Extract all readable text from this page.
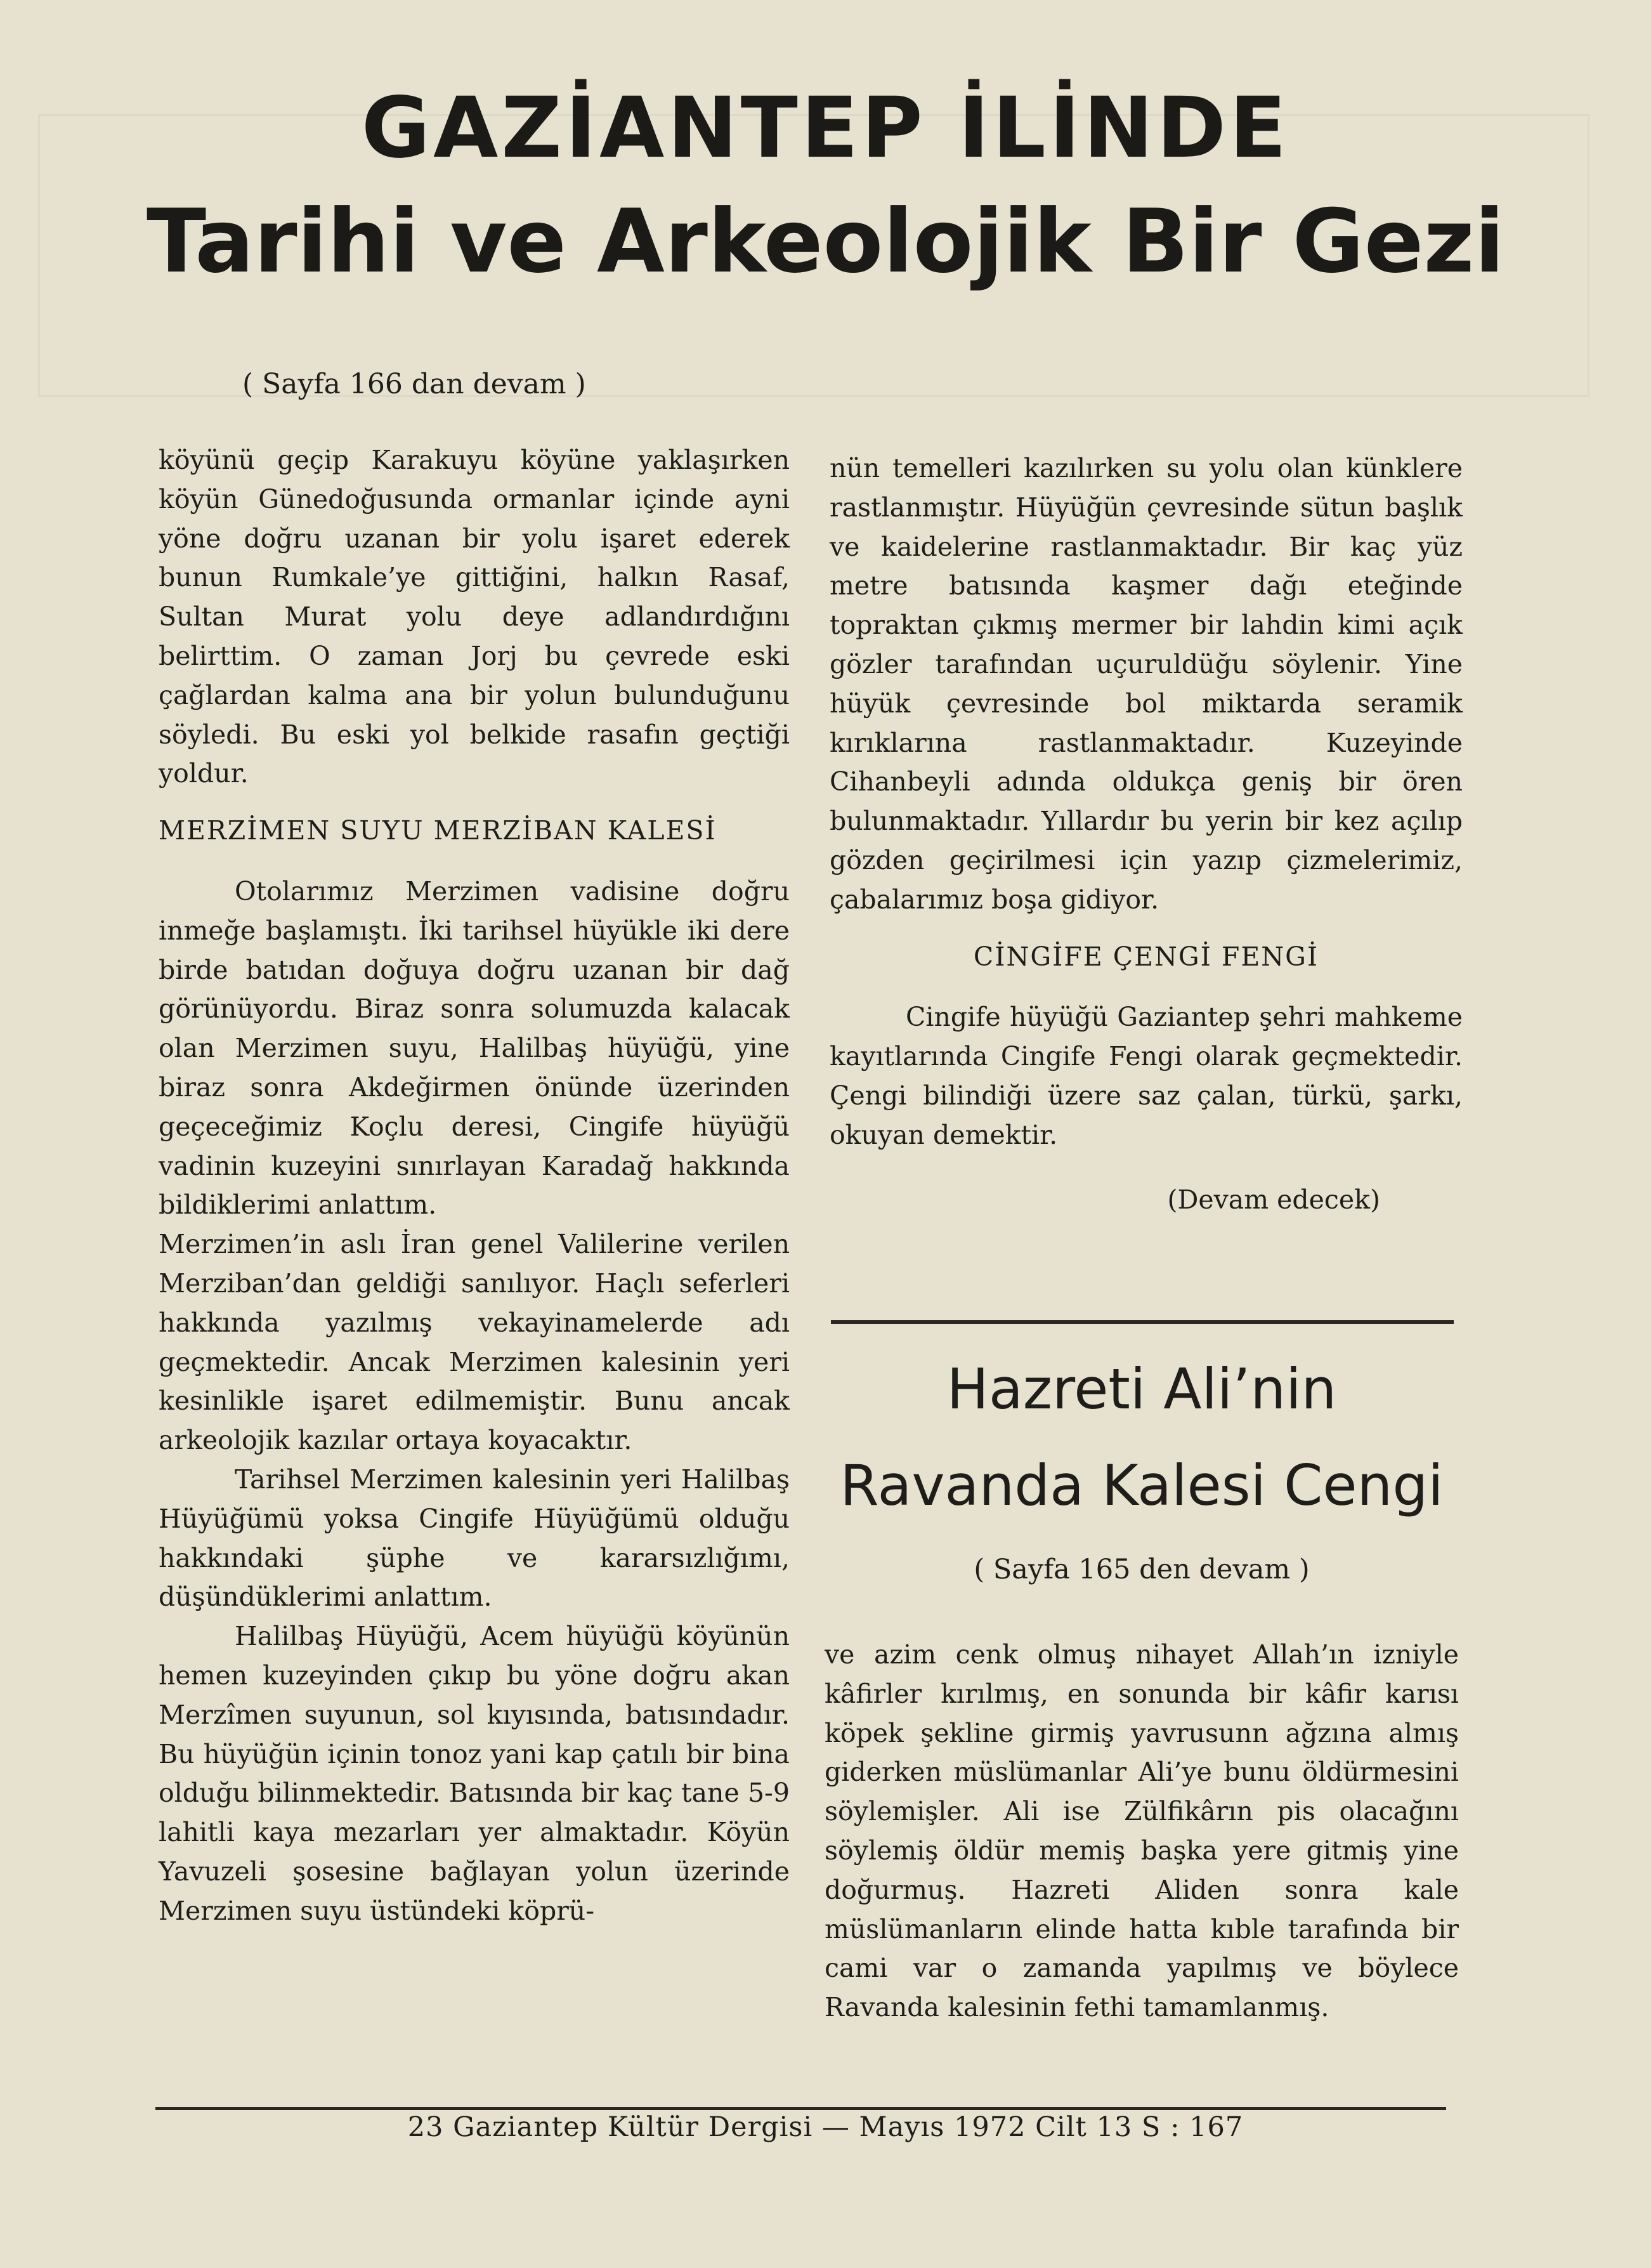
GAZİANTEP İLİNDE
Tarihi ve Arkeolojik Bir Gezi
( Sayfa 166 dan devam )

köyünü geçip Karakuyu köyüne yaklaşırken köyün Günedoğusunda ormanlar içinde ayni yöne doğru uzanan bir yolu işaret ederek bunun Rumkale’ye gittiğini, halkın Rasaf, Sultan Murat yolu deye adlandırdığını belirttim. O zaman Jorj bu çevrede eski çağlardan kalma ana bir yolun bulunduğunu söyledi. Bu eski yol belkide rasafın geçtiği yoldur.

MERZİMEN SUYU MERZİBAN KALESİ

Otolarımız Merzimen vadisine doğru inmeğe başlamıştı. İki tarihsel hüyükle iki dere birde batıdan doğuya doğru uzanan bir dağ görünüyordu. Biraz sonra solumuzda kalacak olan Merzimen suyu, Halilbaş hüyüğü, yine biraz sonra Akdeğirmen önünde üzerinden geçeceğimiz Koçlu deresi, Cingife hüyüğü vadinin kuzeyini sınırlayan Karadağ hakkında bildiklerimi anlattım.

Merzimen’in aslı İran genel Valilerine verilen Merziban’dan geldiği sanılıyor. Haçlı seferleri hakkında yazılmış vekayinamelerde adı geçmektedir. Ancak Merzimen kalesinin yeri kesinlikle işaret edilmemiştir. Bunu ancak arkeolojik kazılar ortaya koyacaktır.

Tarihsel Merzimen kalesinin yeri Halilbaş Hüyüğümü yoksa Cingife Hüyüğümü olduğu hakkındaki şüphe ve kararsızlığımı, düşündüklerimi anlattım.

Halilbaş Hüyüğü, Acem hüyüğü köyünün hemen kuzeyinden çıkıp bu yöne doğru akan Merzîmen suyunun, sol kıyısında, batısındadır. Bu hüyüğün içinin tonoz yani kap çatılı bir bina olduğu bilinmektedir. Batısında bir kaç tane 5-9 lahitli kaya mezarları yer almaktadır. Köyün Yavuzeli şosesine bağlayan yolun üzerinde Merzimen suyu üstündeki köprü-

nün temelleri kazılırken su yolu olan künklere rastlanmıştır. Hüyüğün çevresinde sütun başlık ve kaidelerine rastlanmaktadır. Bir kaç yüz metre batısında kaşmer dağı eteğinde topraktan çıkmış mermer bir lahdin kimi açık gözler tarafından uçuruldüğu söylenir. Yine hüyük çevresinde bol miktarda seramik kırıklarına rastlanmaktadır. Kuzeyinde Cihanbeyli adında oldukça geniş bir ören bulunmaktadır. Yıllardır bu yerin bir kez açılıp gözden geçirilmesi için yazıp çizmelerimiz, çabalarımız boşa gidiyor.

CİNGİFE ÇENGİ FENGİ

Cingife hüyüğü Gaziantep şehri mahkeme kayıtlarında Cingife Fengi olarak geçmektedir. Çengi bilindiği üzere saz çalan, türkü, şarkı, okuyan demektir.

(Devam edecek)
Hazreti Ali’nin
Ravanda Kalesi Cengi
( Sayfa 165 den devam )

ve azim cenk olmuş nihayet Allah’ın izniyle kâfirler kırılmış, en sonunda bir kâfir karısı köpek şekline girmiş yavrusunn ağzına almış giderken müslümanlar Ali’ye bunu öldürmesini söylemişler. Ali ise Zülfikârın pis olacağını söylemiş öldür memiş başka yere gitmiş yine doğurmuş. Hazreti Aliden sonra kale müslümanların elinde hatta kıble tarafında bir cami var o zamanda yapılmış ve böylece Ravanda kalesinin fethi tamamlanmış.

23 Gaziantep Kültür Dergisi — Mayıs 1972 Cilt 13 S : 167
